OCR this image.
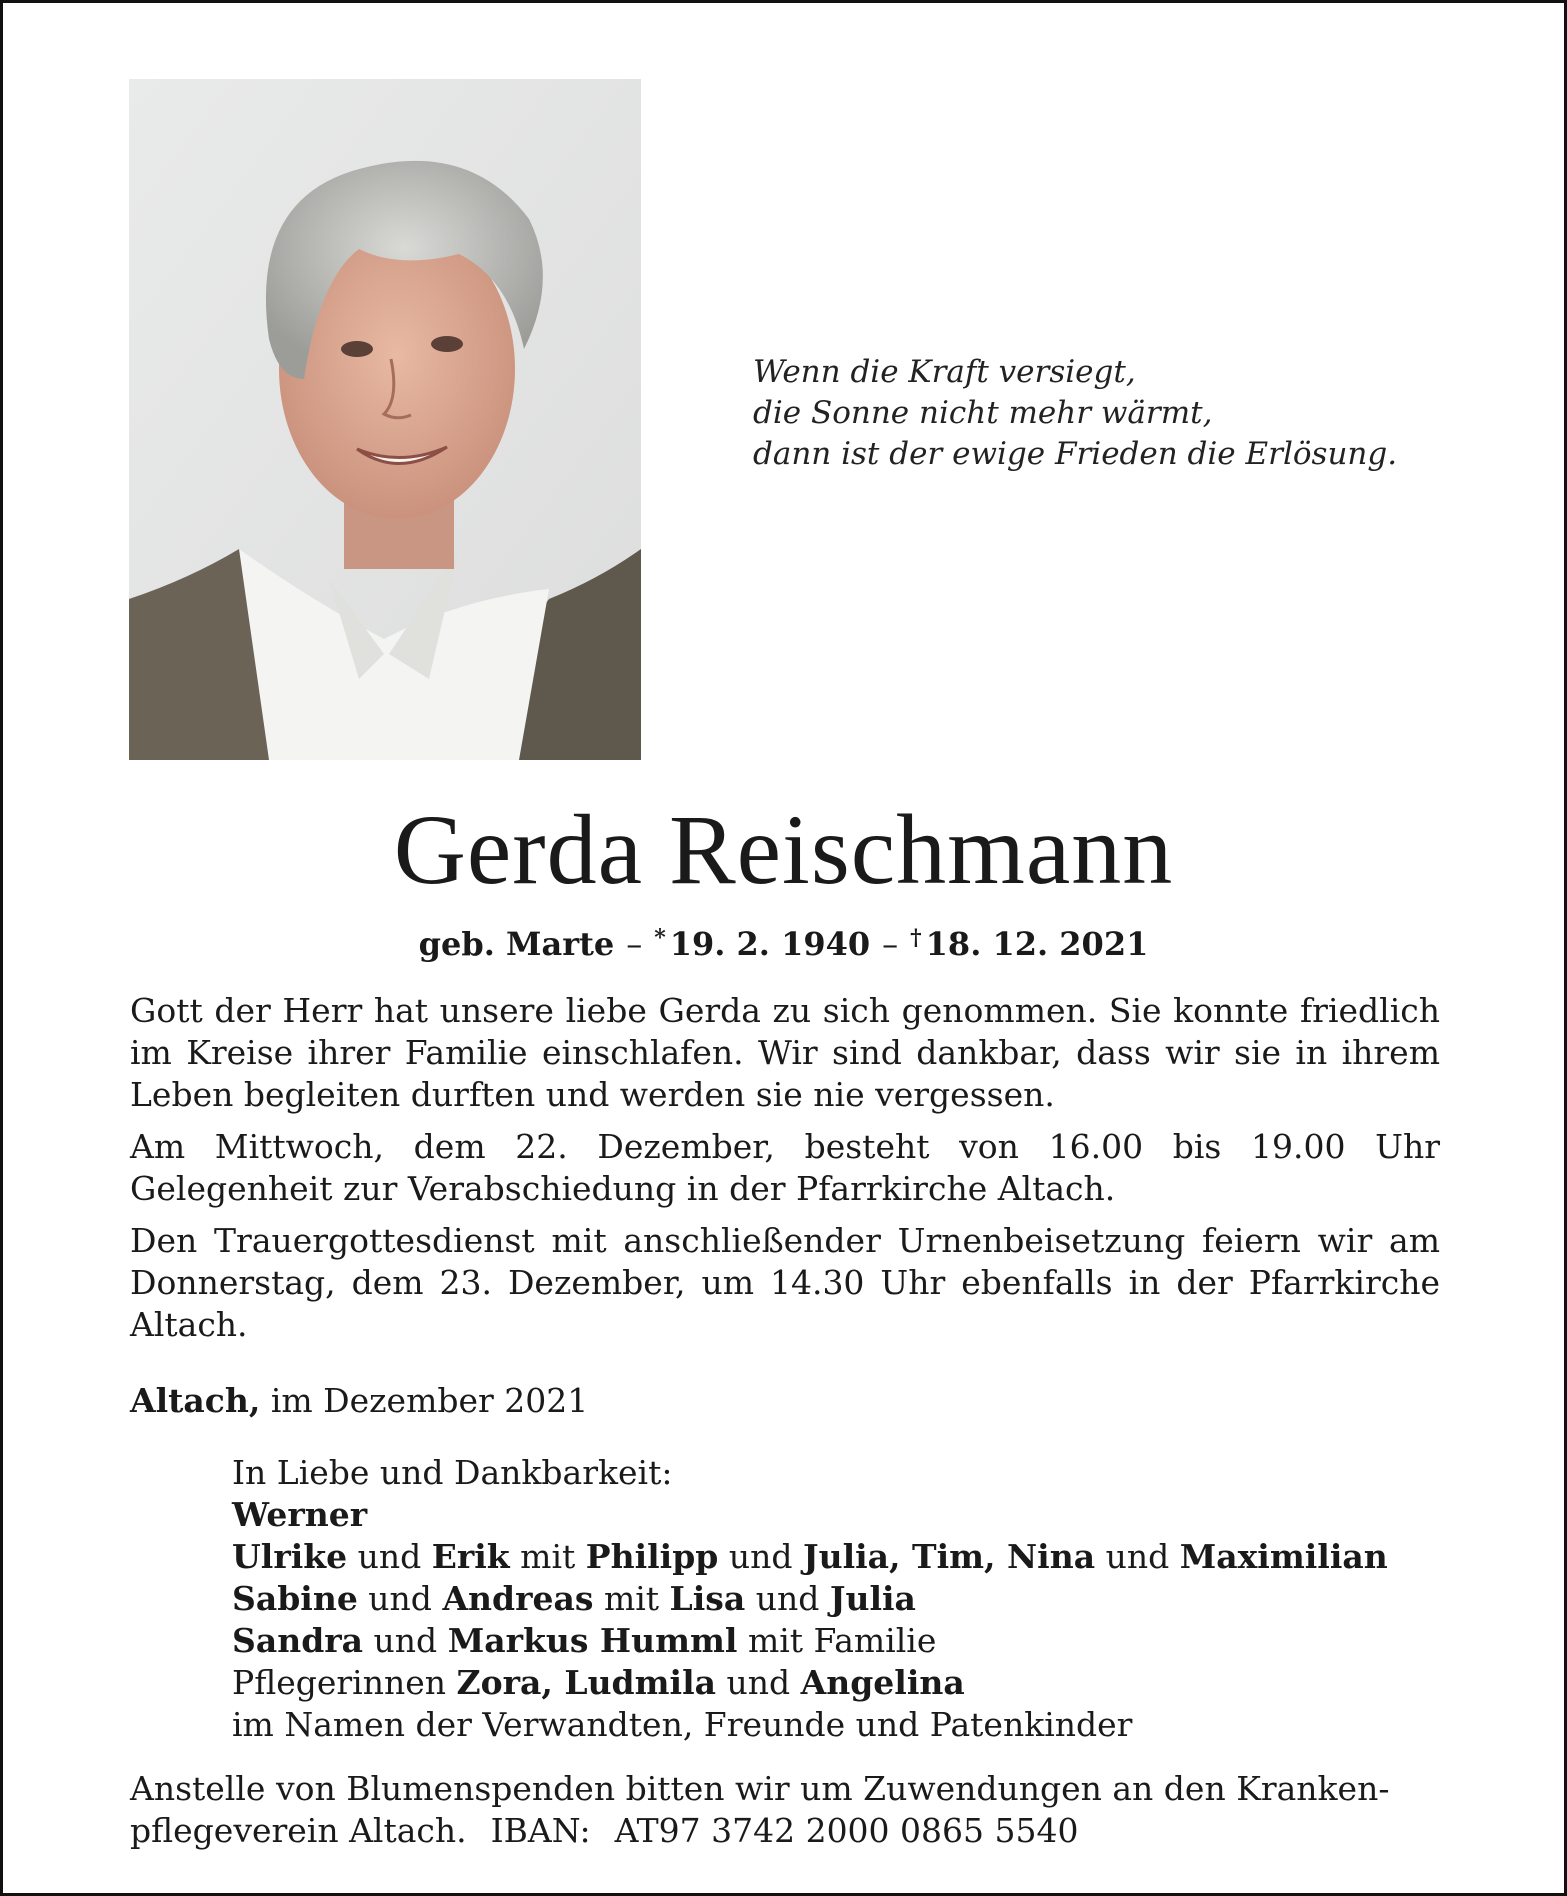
Wenn die Kraft versiegt,
die Sonne nicht mehr wärmt,
dann ist der ewige Frieden die Erlösung.
Gerda Reischmann
geb. Marte – * 19. 2. 1940 – † 18. 12. 2021

Gott der Herr hat unsere liebe Gerda zu sich genommen. Sie konnte friedlich im Kreise ihrer Familie einschlafen. Wir sind dankbar, dass wir sie in ihrem Leben begleiten durften und werden sie nie vergessen.

Am Mittwoch, dem 22. Dezember, besteht von 16.00 bis 19.00 Uhr Gelegenheit zur Verabschiedung in der Pfarrkirche Altach.

Den Trauergottesdienst mit anschließender Urnenbeisetzung feiern wir am Donnerstag, dem 23. Dezember, um 14.30 Uhr ebenfalls in der Pfarrkirche Altach.

Altach, im Dezember 2021
In Liebe und Dankbarkeit:
Werner
Ulrike und Erik mit Philipp und Julia, Tim, Nina und Maximilian
Sabine und Andreas mit Lisa und Julia
Sandra und Markus Humml mit Familie
Pflegerinnen Zora, Ludmila und Angelina
im Namen der Verwandten, Freunde und Patenkinder
Anstelle von Blumenspenden bitten wir um Zuwendungen an den Kranken-
pflegeverein Altach. IBAN: AT97 3742 2000 0865 5540
